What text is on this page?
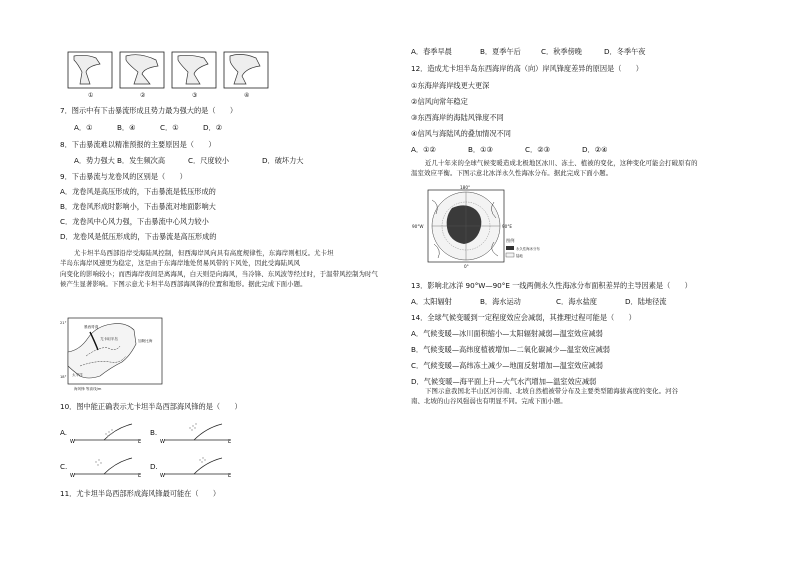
①	②	③	④
7．图示中有下击暴流形成且势力最为强大的是（　　）
A．①	B．④	C．①	D．②
8．下击暴流难以精准预报的主要原因是（　　）
A．势力强大 B．发生频次高	C．尺度较小	D．破坏力大
9．下击暴流与龙卷风的区别是（　　）
A．龙卷风是高压形成的，下击暴流是低压形成的
B．龙卷风形成时影响小，下击暴流对地面影响大
C．龙卷风中心风力强，下击暴流中心风力较小
D．龙卷风是低压形成的，下击暴流是高压形成的
尤卡坦半岛西部沿岸受海陆风控制，但西海岸风向具有高度规律性，东海岸则相反。尤卡坦
半岛东海岸风速更为稳定，这是由于东海岸地处贸易风带的下风处，因此受海陆风风
向变化的影响较小；而西海岸夜间是离海风，白天则是向海风，当冷锋、东风波等经过时，于温带风控制为时气
候产生显著影响。下图示意尤卡坦半岛西部海风锋的位置和地形。据此完成下面小题。
21°
18°
墨西哥湾
尤卡坦半岛	加勒比海
太平洋
海风锋 等高线/m
10．图中能正确表示尤卡坦半岛西部海风锋的是（　　）
A.	B.
C.	D.
W	E	W	E
W	E	W	E
11．尤卡坦半岛西部形成海风锋最可能在（　　）
A．春季早晨	B．夏季午后	C．秋季傍晚	D．冬季午夜
12．造成尤卡坦半岛东西海岸的高（向）岸风锋度差异的原因是（　　）
①东海岸海岸线更大更深
②信风向常年稳定
③东西海岸的海陆风锋度不同
④信风与海陆风的叠加情况不同
A．①②	B．①③	C．②③	D．②④
近几十年来的全球气候变暖造成北极地区冰川、冻土、植被的变化，这种变化可能会打破原有的
温室效应平衡。下图示意北冰洋永久性海冰分布。据此完成下面小题。
180°
90°W	90°E
0°
图例
永久性海冰分布
陆地
13．影响北冰洋 90°W—90°E 一线两侧永久性海冰分布面积差异的主导因素是（　　）
A．太阳辐射	B．海水运动	C．海水盐度	D．陆地径流
14．全球气候变暖到一定程度效应会减弱，其推理过程可能是（　　）
A．气候变暖—冰川面积缩小—太阳辐射减弱—温室效应减弱
B．气候变暖—高纬度植被增加—二氧化碳减少—温室效应减弱
C．气候变暖—高纬冻土减少—地面反射增加—温室效应减弱
D．气候变暖—海平面上升—大气水汽增加—温室效应减弱
下图示意我国北半山区河谷南、北坡自然植被带分布及主要类型随海拔高度的变化。河谷
南、北坡的山谷风强弱也有明显不同。完成下面小题。
